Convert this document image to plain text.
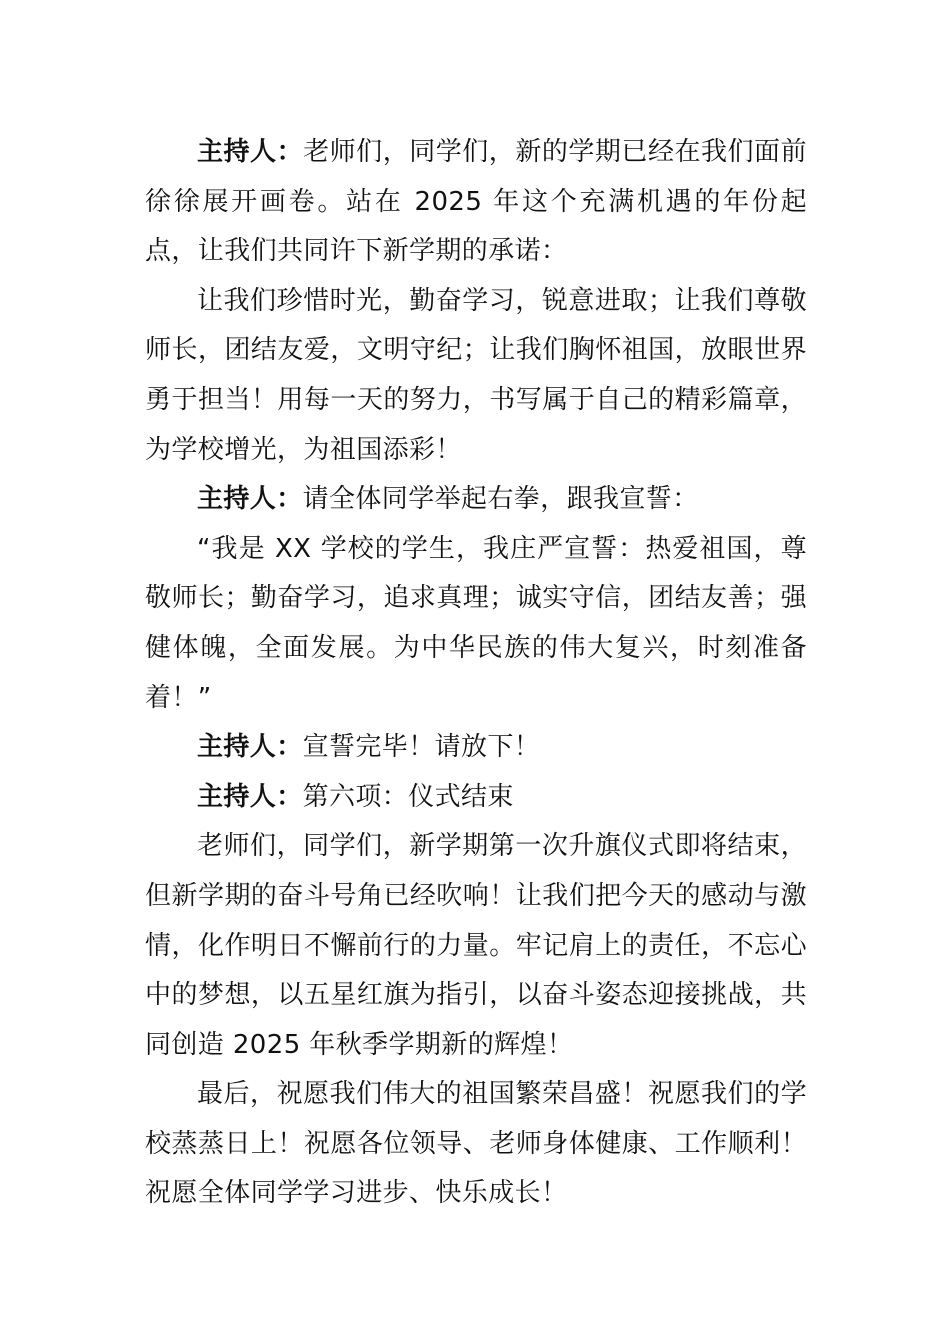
主持人：老师们，同学们，新的学期已经在我们面前徐徐展开画卷。站在 2025 年这个充满机遇的年份起点，让我们共同许下新学期的承诺：

让我们珍惜时光，勤奋学习，锐意进取；让我们尊敬师长，团结友爱，文明守纪；让我们胸怀祖国，放眼世界勇于担当！用每一天的努力，书写属于自己的精彩篇章，为学校增光，为祖国添彩！

主持人：请全体同学举起右拳，跟我宣誓：

“我是 XX 学校的学生，我庄严宣誓：热爱祖国，尊敬师长；勤奋学习，追求真理；诚实守信，团结友善；强健体魄，全面发展。为中华民族的伟大复兴，时刻准备着！”

主持人：宣誓完毕！请放下！

主持人：第六项：仪式结束

老师们，同学们，新学期第一次升旗仪式即将结束，但新学期的奋斗号角已经吹响！让我们把今天的感动与激情，化作明日不懈前行的力量。牢记肩上的责任，不忘心中的梦想，以五星红旗为指引，以奋斗姿态迎接挑战，共同创造 2025 年秋季学期新的辉煌！

最后，祝愿我们伟大的祖国繁荣昌盛！祝愿我们的学校蒸蒸日上！祝愿各位领导、老师身体健康、工作顺利！祝愿全体同学学习进步、快乐成长！
